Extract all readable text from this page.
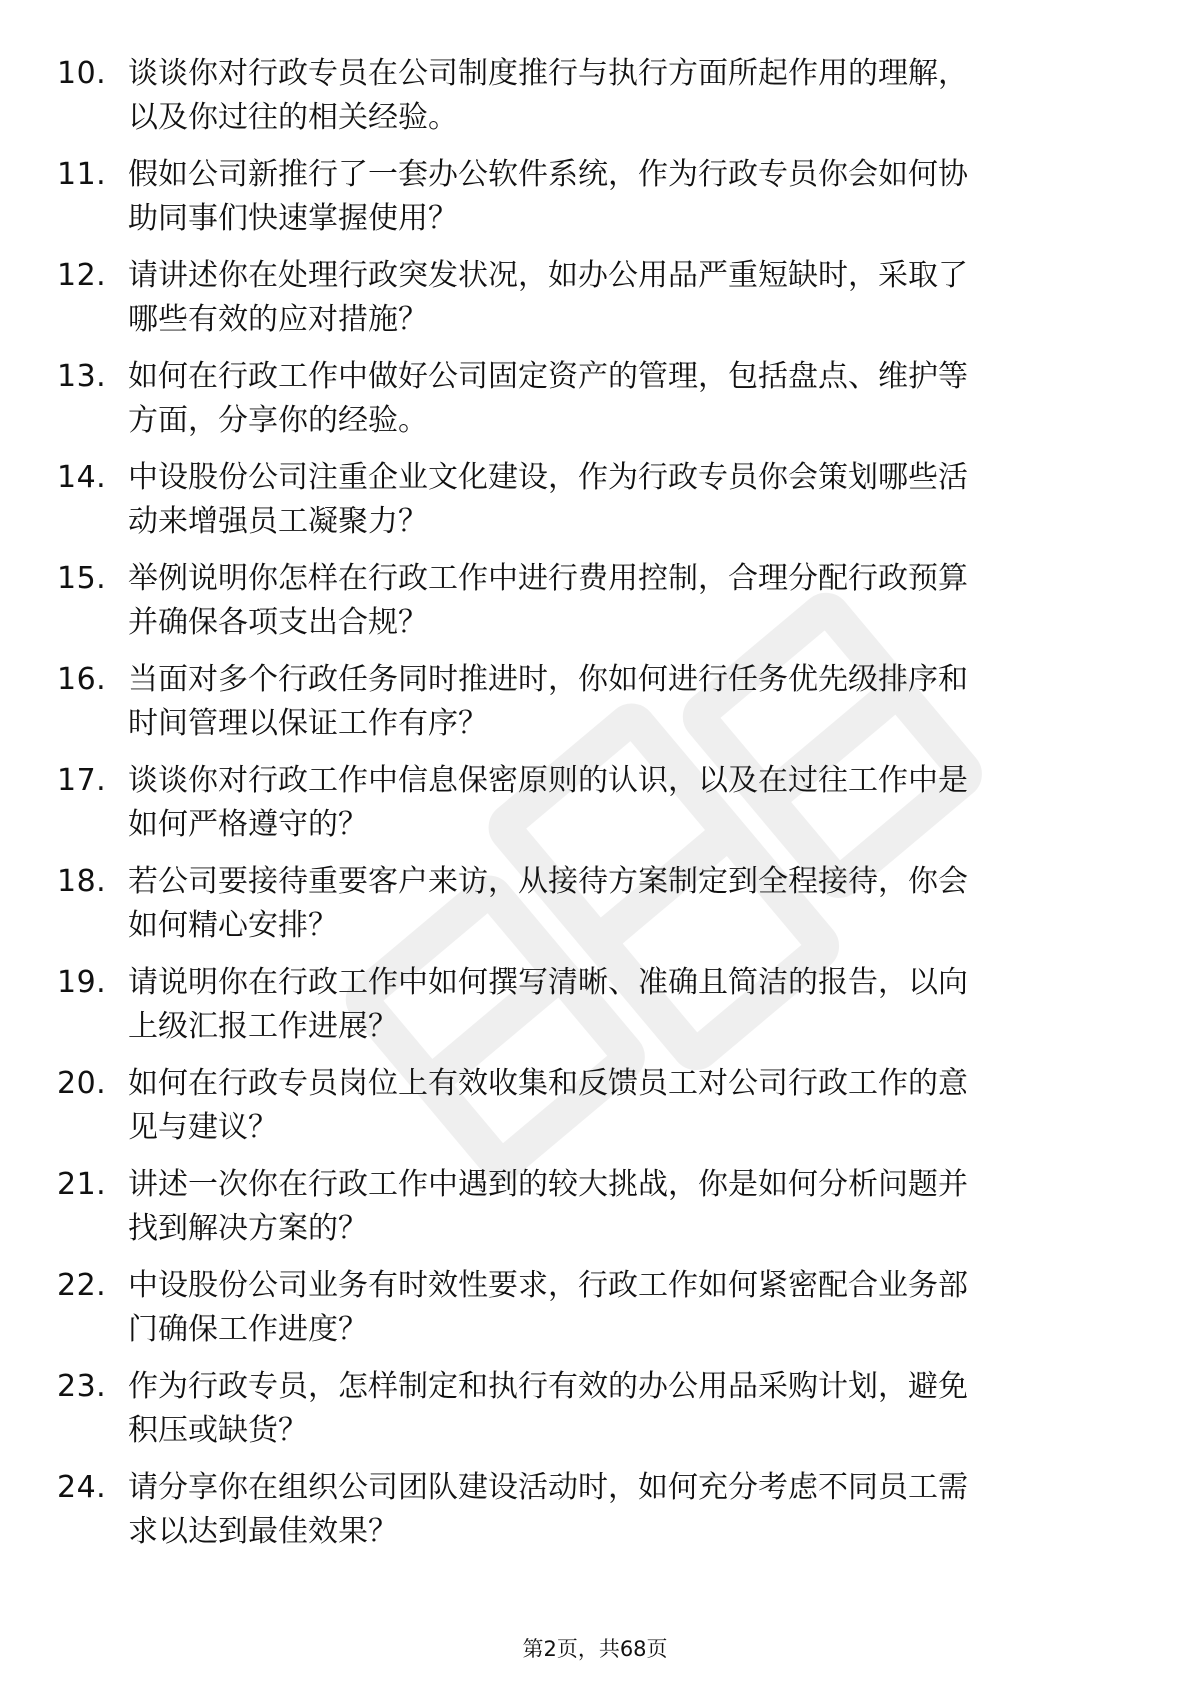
10. 谈谈你对行政专员在公司制度推行与执行方面所起作用的理解，
以及你过往的相关经验。
11. 假如公司新推行了一套办公软件系统，作为行政专员你会如何协
助同事们快速掌握使用？
12. 请讲述你在处理行政突发状况，如办公用品严重短缺时，采取了
哪些有效的应对措施？
13. 如何在行政工作中做好公司固定资产的管理，包括盘点、维护等
方面，分享你的经验。
14. 中设股份公司注重企业文化建设，作为行政专员你会策划哪些活
动来增强员工凝聚力？
15. 举例说明你怎样在行政工作中进行费用控制，合理分配行政预算
并确保各项支出合规？
16. 当面对多个行政任务同时推进时，你如何进行任务优先级排序和
时间管理以保证工作有序？
17. 谈谈你对行政工作中信息保密原则的认识，以及在过往工作中是
如何严格遵守的？
18. 若公司要接待重要客户来访，从接待方案制定到全程接待，你会
如何精心安排？
19. 请说明你在行政工作中如何撰写清晰、准确且简洁的报告，以向
上级汇报工作进展？
20. 如何在行政专员岗位上有效收集和反馈员工对公司行政工作的意
见与建议？
21. 讲述一次你在行政工作中遇到的较大挑战，你是如何分析问题并
找到解决方案的？
22. 中设股份公司业务有时效性要求，行政工作如何紧密配合业务部
门确保工作进度？
23. 作为行政专员，怎样制定和执行有效的办公用品采购计划，避免
积压或缺货？
24. 请分享你在组织公司团队建设活动时，如何充分考虑不同员工需
求以达到最佳效果？
第2页，共68页
